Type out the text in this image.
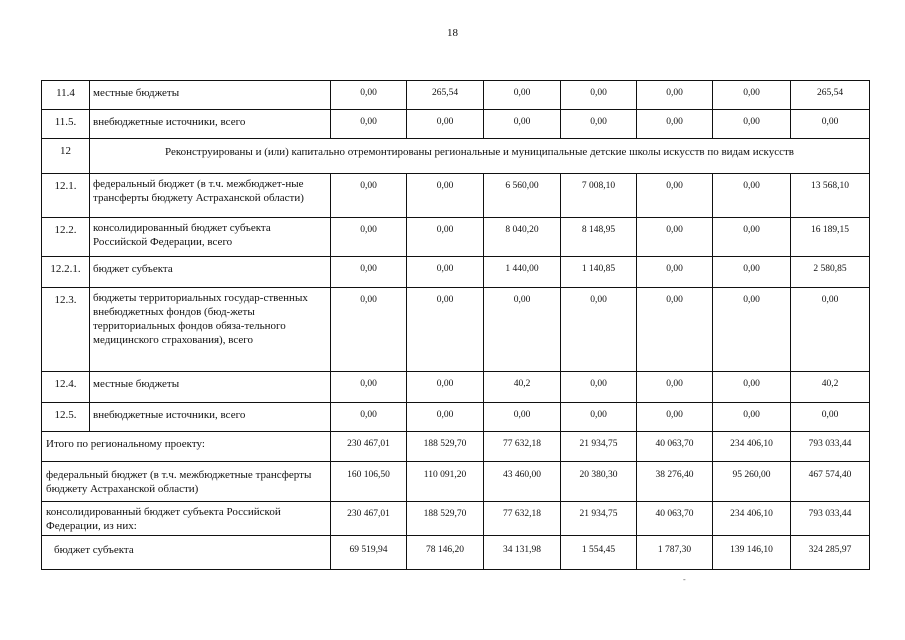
18
11.4	местные бюджеты	0,00	265,54	0,00	0,00	0,00	0,00	265,54
11.5.	внебюджетные источники, всего	0,00	0,00	0,00	0,00	0,00	0,00	0,00
12	Реконструированы и (или) капитально отремонтированы региональные и муниципальные детские школы искусств по видам искусств							
12.1.	федеральный бюджет (в т.ч. межбюджет-ные трансферты бюджету Астраханской области)	0,00	0,00	6 560,00	7 008,10	0,00	0,00	13 568,10
12.2.	консолидированный бюджет субъекта Российской Федерации, всего	0,00	0,00	8 040,20	8 148,95	0,00	0,00	16 189,15
12.2.1.	бюджет субъекта	0,00	0,00	1 440,00	1 140,85	0,00	0,00	2 580,85
12.3.	бюджеты территориальных государ-ственных внебюджетных фондов (бюд-жеты территориальных фондов обяза-тельного медицинского страхования), всего	0,00	0,00	0,00	0,00	0,00	0,00	0,00
12.4.	местные бюджеты	0,00	0,00	40,2	0,00	0,00	0,00	40,2
12.5.	внебюджетные источники, всего	0,00	0,00	0,00	0,00	0,00	0,00	0,00
Итого по региональному проекту:		230 467,01	188 529,70	77 632,18	21 934,75	40 063,70	234 406,10	793 033,44
федеральный бюджет (в т.ч. межбюджетные трансферты бюджету Астраханской области)		160 106,50	110 091,20	43 460,00	20 380,30	38 276,40	95 260,00	467 574,40
консолидированный бюджет субъекта Российской Федерации, из них:		230 467,01	188 529,70	77 632,18	21 934,75	40 063,70	234 406,10	793 033,44
бюджет субъекта		69 519,94	78 146,20	34 131,98	1 554,45	1 787,30	139 146,10	324 285,97
-
